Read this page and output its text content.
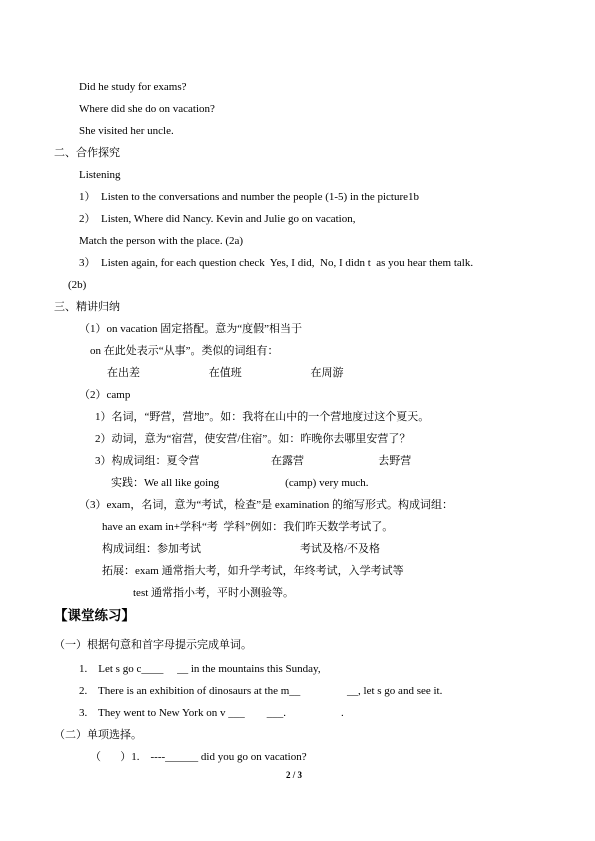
Did he study for exams?
Where did she do on vacation?
She visited her uncle.
二、合作探究
Listening
1）  Listen to the conversations and number the people (1-5) in the picture1b
2）  Listen, Where did Nancy. Kevin and Julie go on vacation,
Match the person with the place. (2a)
3）  Listen again, for each question check  Yes, I did,  No, I didn t  as you hear them talk.
(2b)
三、精讲归纳
（1）on vacation 固定搭配。意为“度假”相当于
on 在此处表示“从事”。类似的词组有：
在出差                         在值班                         在周游
（2）camp
1）名词，“野营，营地”。如：我将在山中的一个营地度过这个夏天。
2）动词，意为“宿营，使安营/住宿”。如：昨晚你去哪里安营了？
3）构成词组：夏令营                          在露营                           去野营
实践：We all like going                        (camp) very much.
（3）exam，名词，意为“考试，检查”是 examination 的缩写形式。构成词组：
have an exam in+学科“考  学科”例如：我们昨天数学考试了。
构成词组：参加考试                                    考试及格/不及格
拓展：exam 通常指大考，如升学考试，年终考试，入学考试等
test 通常指小考，平时小测验等。
【课堂练习】
（一）根据句意和首字母提示完成单词。
1.    Let s go c____     __ in the mountains this Sunday,
2.    There is an exhibition of dinosaurs at the m__                 __, let s go and see it.
3.    They went to New York on v ___        ___.                    .
（二）单项选择。
（       ）1.    ----______ did you go on vacation?
2 / 3
